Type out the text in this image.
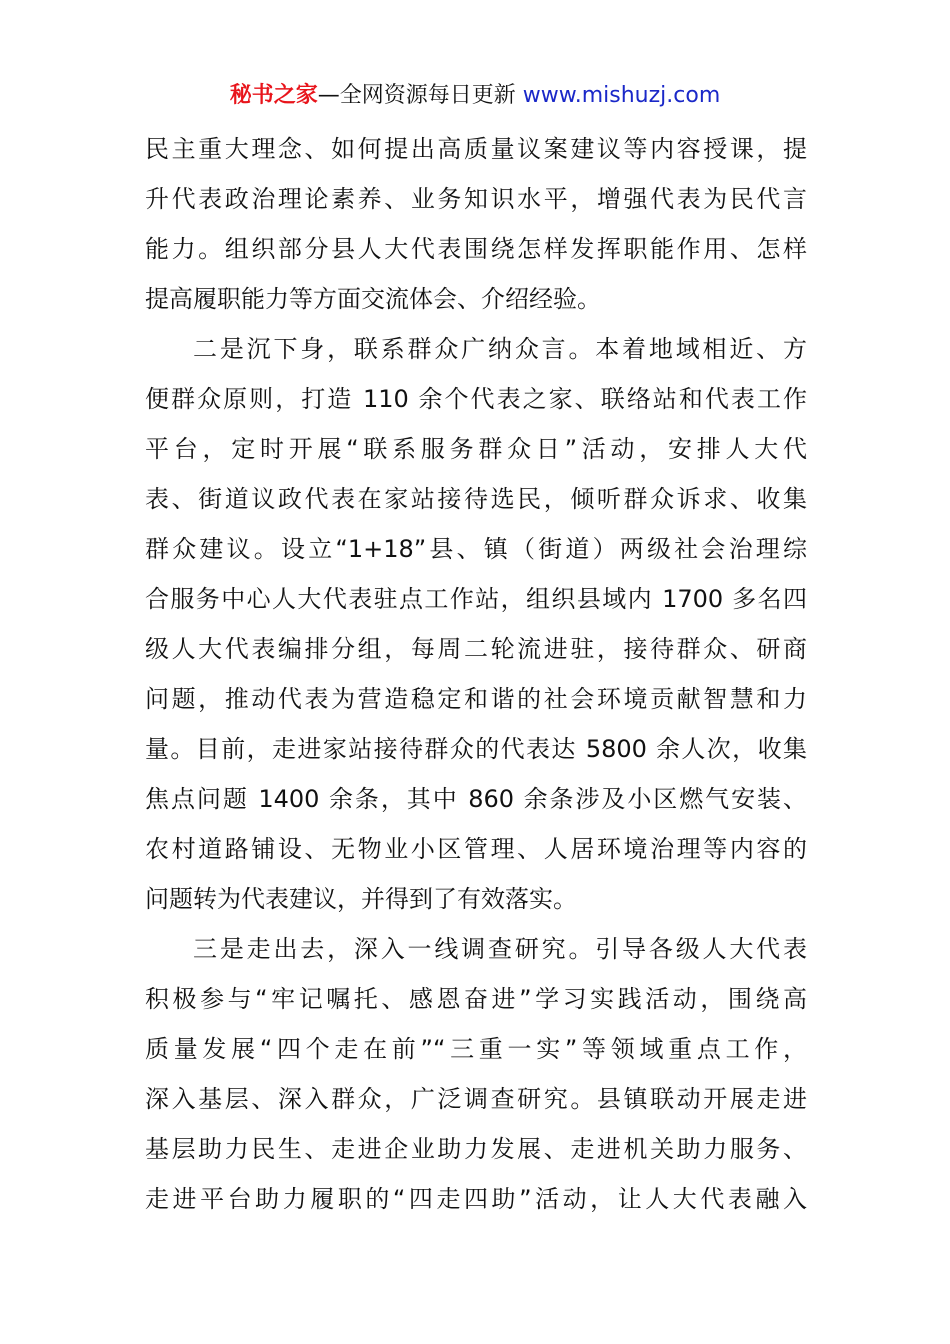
秘书之家—全网资源每日更新 www.mishuzj.com
民主重大理念、如何提出高质量议案建议等内容授课，提
升代表政治理论素养、业务知识水平，增强代表为民代言
能力。组织部分县人大代表围绕怎样发挥职能作用、怎样
提高履职能力等方面交流体会、介绍经验。
二是沉下身，联系群众广纳众言。本着地域相近、方
便群众原则，打造 110 余个代表之家、联络站和代表工作
平台，定时开展“联系服务群众日”活动，安排人大代
表、街道议政代表在家站接待选民，倾听群众诉求、收集
群众建议。设立“1+18”县、镇（街道）两级社会治理综
合服务中心人大代表驻点工作站，组织县域内 1700 多名四
级人大代表编排分组，每周二轮流进驻，接待群众、研商
问题，推动代表为营造稳定和谐的社会环境贡献智慧和力
量。目前，走进家站接待群众的代表达 5800 余人次，收集
焦点问题 1400 余条，其中 860 余条涉及小区燃气安装、
农村道路铺设、无物业小区管理、人居环境治理等内容的
问题转为代表建议，并得到了有效落实。
三是走出去，深入一线调查研究。引导各级人大代表
积极参与“牢记嘱托、感恩奋进”学习实践活动，围绕高
质量发展“四个走在前”“三重一实”等领域重点工作，
深入基层、深入群众，广泛调查研究。县镇联动开展走进
基层助力民生、走进企业助力发展、走进机关助力服务、
走进平台助力履职的“四走四助”活动，让人大代表融入
